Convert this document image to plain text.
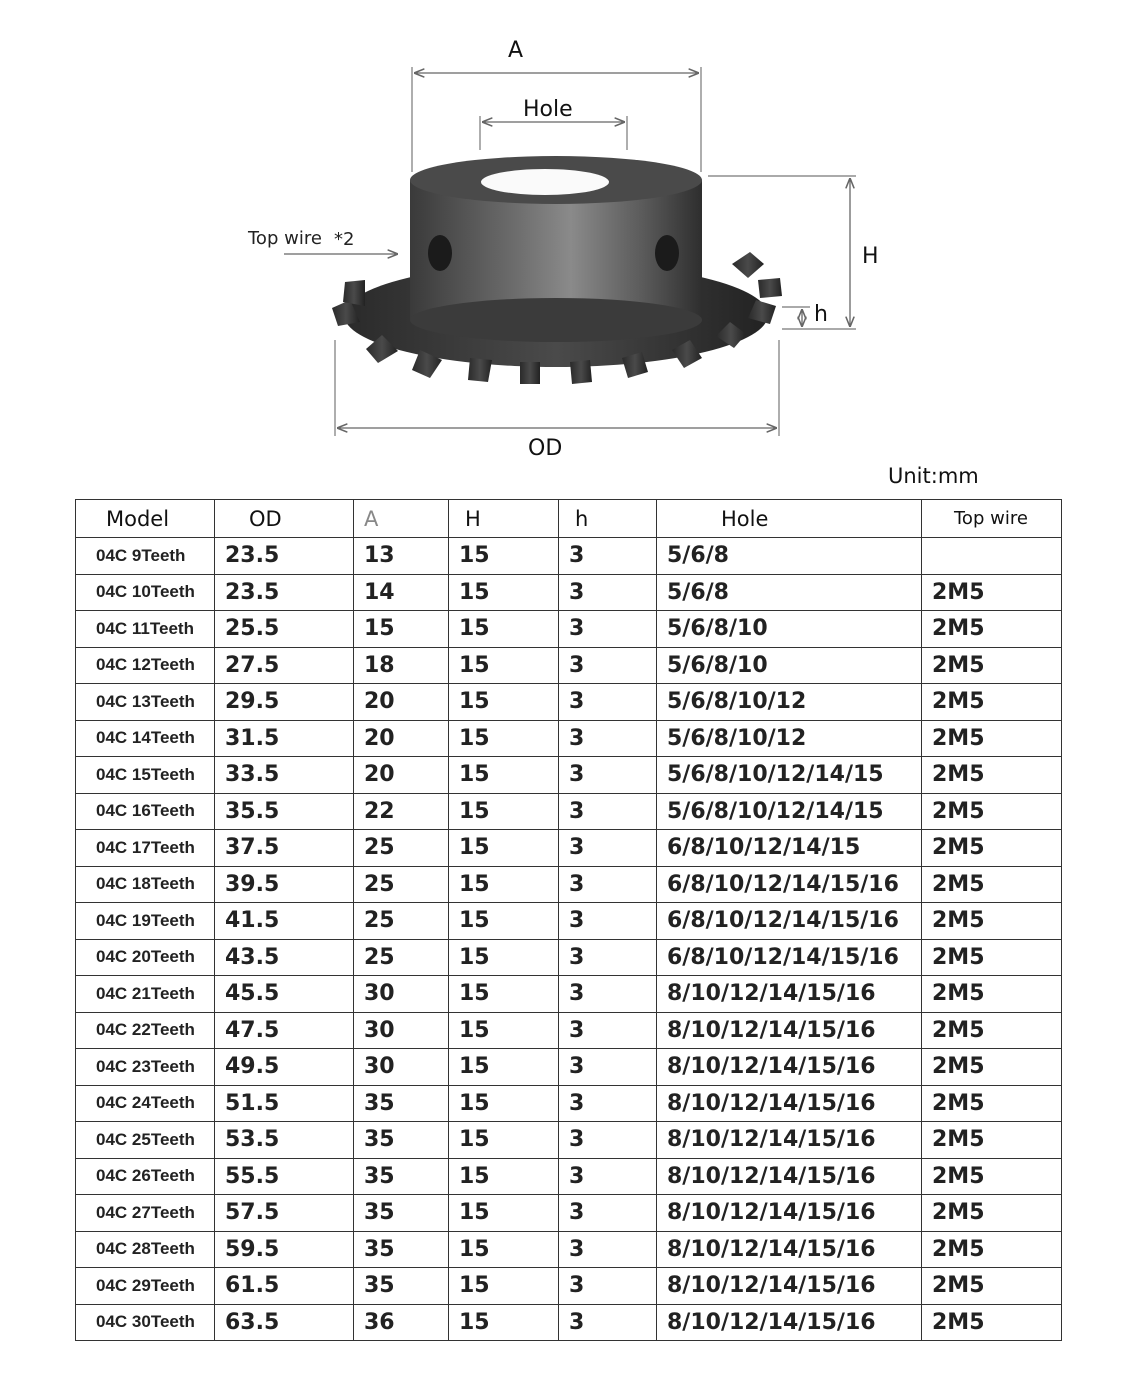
A
Hole
Top wire *2
H
h
OD
Unit:mm
Model	OD	A	H	h	Hole	Top wire
04C 9Teeth	23.5	13	15	3	5/6/8	
04C 10Teeth	23.5	14	15	3	5/6/8	2M5
04C 11Teeth	25.5	15	15	3	5/6/8/10	2M5
04C 12Teeth	27.5	18	15	3	5/6/8/10	2M5
04C 13Teeth	29.5	20	15	3	5/6/8/10/12	2M5
04C 14Teeth	31.5	20	15	3	5/6/8/10/12	2M5
04C 15Teeth	33.5	20	15	3	5/6/8/10/12/14/15	2M5
04C 16Teeth	35.5	22	15	3	5/6/8/10/12/14/15	2M5
04C 17Teeth	37.5	25	15	3	6/8/10/12/14/15	2M5
04C 18Teeth	39.5	25	15	3	6/8/10/12/14/15/16	2M5
04C 19Teeth	41.5	25	15	3	6/8/10/12/14/15/16	2M5
04C 20Teeth	43.5	25	15	3	6/8/10/12/14/15/16	2M5
04C 21Teeth	45.5	30	15	3	8/10/12/14/15/16	2M5
04C 22Teeth	47.5	30	15	3	8/10/12/14/15/16	2M5
04C 23Teeth	49.5	30	15	3	8/10/12/14/15/16	2M5
04C 24Teeth	51.5	35	15	3	8/10/12/14/15/16	2M5
04C 25Teeth	53.5	35	15	3	8/10/12/14/15/16	2M5
04C 26Teeth	55.5	35	15	3	8/10/12/14/15/16	2M5
04C 27Teeth	57.5	35	15	3	8/10/12/14/15/16	2M5
04C 28Teeth	59.5	35	15	3	8/10/12/14/15/16	2M5
04C 29Teeth	61.5	35	15	3	8/10/12/14/15/16	2M5
04C 30Teeth	63.5	36	15	3	8/10/12/14/15/16	2M5
